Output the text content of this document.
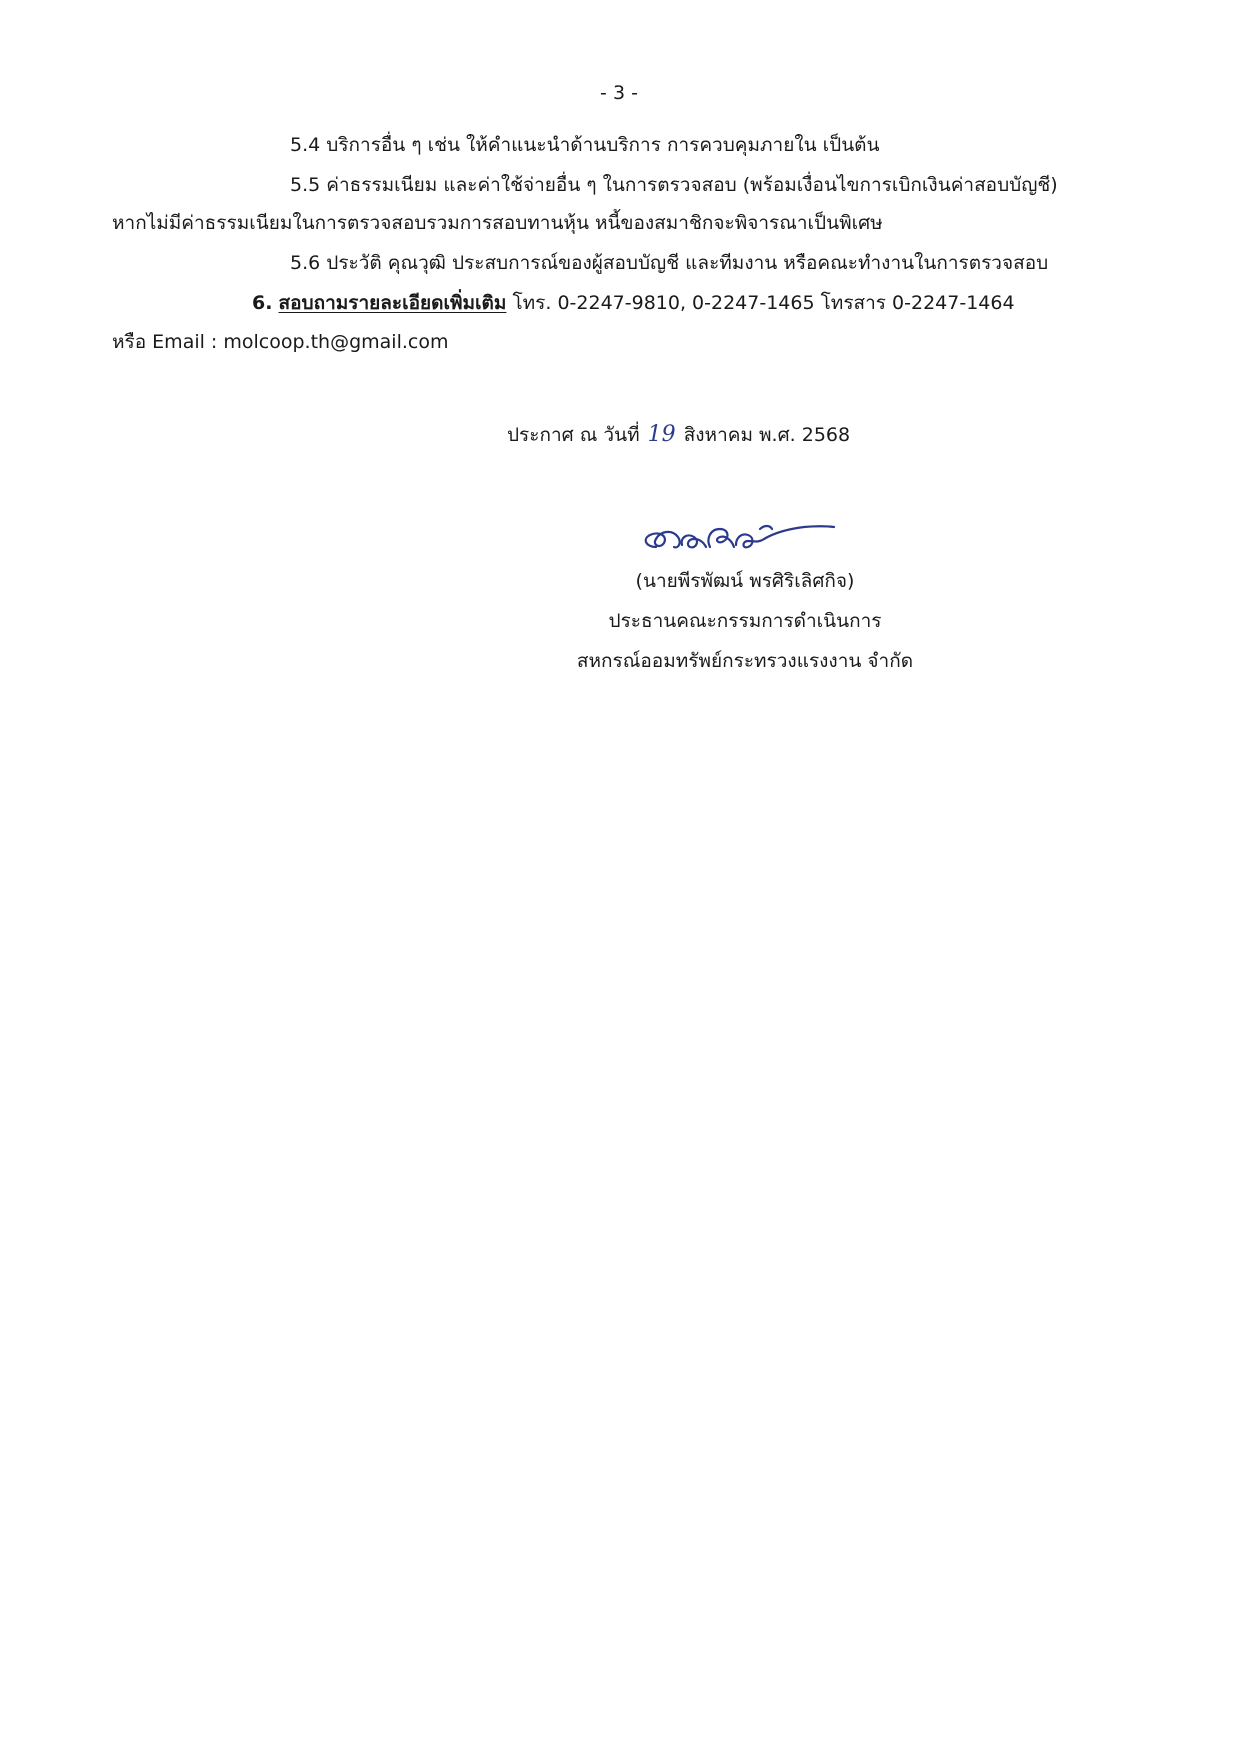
- 3 -
5.4 บริการอื่น ๆ เช่น ให้คำแนะนำด้านบริการ การควบคุมภายใน เป็นต้น
5.5 ค่าธรรมเนียม และค่าใช้จ่ายอื่น ๆ ในการตรวจสอบ (พร้อมเงื่อนไขการเบิกเงินค่าสอบบัญชี)
หากไม่มีค่าธรรมเนียมในการตรวจสอบรวมการสอบทานหุ้น หนี้ของสมาชิกจะพิจารณาเป็นพิเศษ
5.6 ประวัติ คุณวุฒิ ประสบการณ์ของผู้สอบบัญชี และทีมงาน หรือคณะทำงานในการตรวจสอบ
6. สอบถามรายละเอียดเพิ่มเติม โทร. 0-2247-9810, 0-2247-1465 โทรสาร 0-2247-1464
หรือ Email : molcoop.th@gmail.com
ประกาศ ณ วันที่ 19 สิงหาคม พ.ศ. 2568
(นายพีรพัฒน์ พรศิริเลิศกิจ)
ประธานคณะกรรมการดำเนินการ
สหกรณ์ออมทรัพย์กระทรวงแรงงาน จำกัด
